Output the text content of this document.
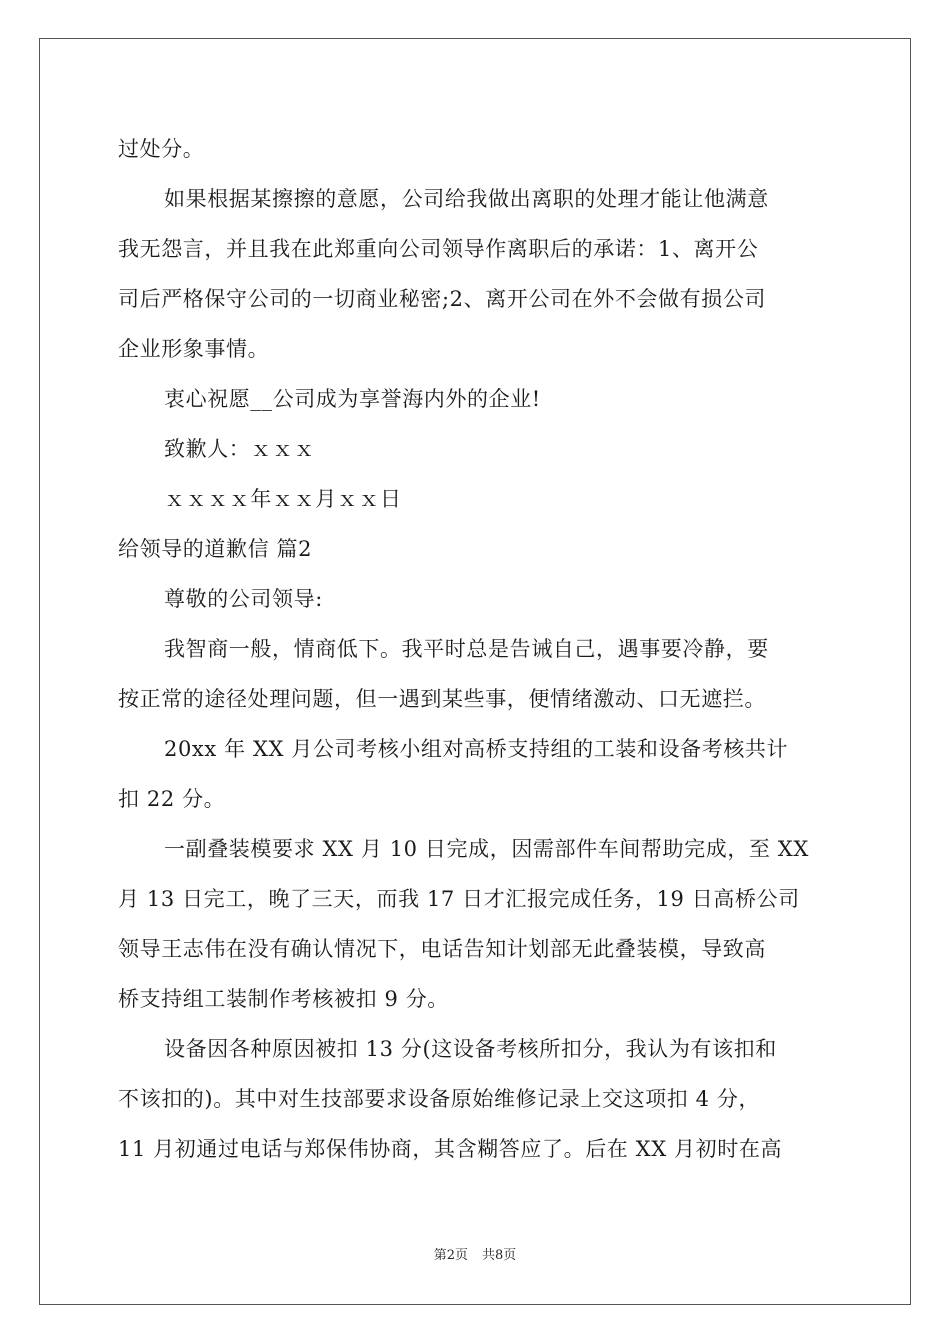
过处分。
如果根据某擦擦的意愿，公司给我做出离职的处理才能让他满意
我无怨言，并且我在此郑重向公司领导作离职后的承诺：1、离开公
司后严格保守公司的一切商业秘密;2、离开公司在外不会做有损公司
企业形象事情。
衷心祝愿__公司成为享誉海内外的企业!
致歉人：ｘｘｘ
ｘｘｘｘ年ｘｘ月ｘｘ日
给领导的道歉信 篇2
尊敬的公司领导:
我智商一般，情商低下。我平时总是告诫自己，遇事要冷静，要
按正常的途径处理问题，但一遇到某些事，便情绪激动、口无遮拦。
20xx 年 XX 月公司考核小组对高桥支持组的工装和设备考核共计
扣 22 分。
一副叠装模要求 XX 月 10 日完成，因需部件车间帮助完成，至 XX
月 13 日完工，晚了三天，而我 17 日才汇报完成任务，19 日高桥公司
领导王志伟在没有确认情况下，电话告知计划部无此叠装模，导致高
桥支持组工装制作考核被扣 9 分。
设备因各种原因被扣 13 分(这设备考核所扣分，我认为有该扣和
不该扣的)。其中对生技部要求设备原始维修记录上交这项扣 4 分，
11 月初通过电话与郑保伟协商，其含糊答应了。后在 XX 月初时在高
第2页 共8页
